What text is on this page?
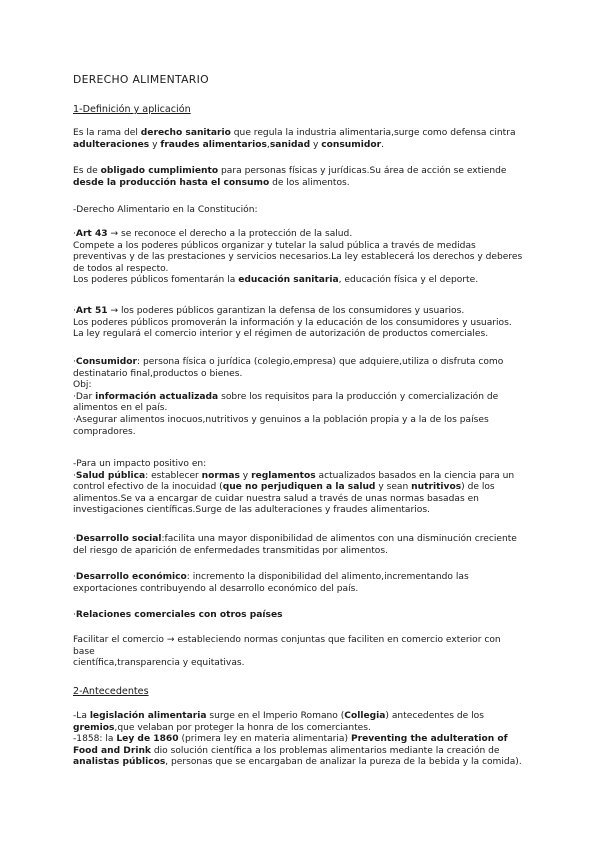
DERECHO ALIMENTARIO
1-Definición y aplicación

Es la rama del derecho sanitario que regula la industria alimentaria,surge como defensa cintra

adulteraciones y fraudes alimentarios,sanidad y consumidor.

Es de obligado cumplimiento para personas físicas y jurídicas.Su área de acción se extiende

desde la producción hasta el consumo de los alimentos.

-Derecho Alimentario en la Constitución:

·Art 43 → se reconoce el derecho a la protección de la salud.

Compete a los poderes públicos organizar y tutelar la salud pública a través de medidas

preventivas y de las prestaciones y servicios necesarios.La ley establecerá los derechos y deberes

de todos al respecto.

Los poderes públicos fomentarán la educación sanitaria, educación física y el deporte.

·Art 51 → los poderes públicos garantizan la defensa de los consumidores y usuarios.

Los poderes públicos promoverán la información y la educación de los consumidores y usuarios.

La ley regulará el comercio interior y el régimen de autorización de productos comerciales.

·Consumidor: persona física o jurídica (colegio,empresa) que adquiere,utiliza o disfruta como

destinatario final,productos o bienes.

Obj:

·Dar información actualizada sobre los requisitos para la producción y comercialización de

alimentos en el país.

·Asegurar alimentos inocuos,nutritivos y genuinos a la población propia y a la de los países

compradores.

-Para un impacto positivo en:

·Salud pública: establecer normas y reglamentos actualizados basados en la ciencia para un

control efectivo de la inocuidad (que no perjudiquen a la salud y sean nutritivos) de los

alimentos.Se va a encargar de cuidar nuestra salud a través de unas normas basadas en

investigaciones científicas.Surge de las adulteraciones y fraudes alimentarios.

·Desarrollo social:facilita una mayor disponibilidad de alimentos con una disminución creciente

del riesgo de aparición de enfermedades transmitidas por alimentos.

·Desarrollo económico: incremento la disponibilidad del alimento,incrementando las

exportaciones contribuyendo al desarrollo económico del país.

·Relaciones comerciales con otros países

Facilitar el comercio → estableciendo normas conjuntas que faciliten en comercio exterior con base

científica,transparencia y equitativas.

2-Antecedentes

-La legislación alimentaria surge en el Imperio Romano (Collegia) antecedentes de los

gremios,que velaban por proteger la honra de los comerciantes.

-1858: la Ley de 1860 (primera ley en materia alimentaria) Preventing the adulteration of

Food and Drink dio solución científica a los problemas alimentarios mediante la creación de

analistas públicos, personas que se encargaban de analizar la pureza de la bebida y la comida).
